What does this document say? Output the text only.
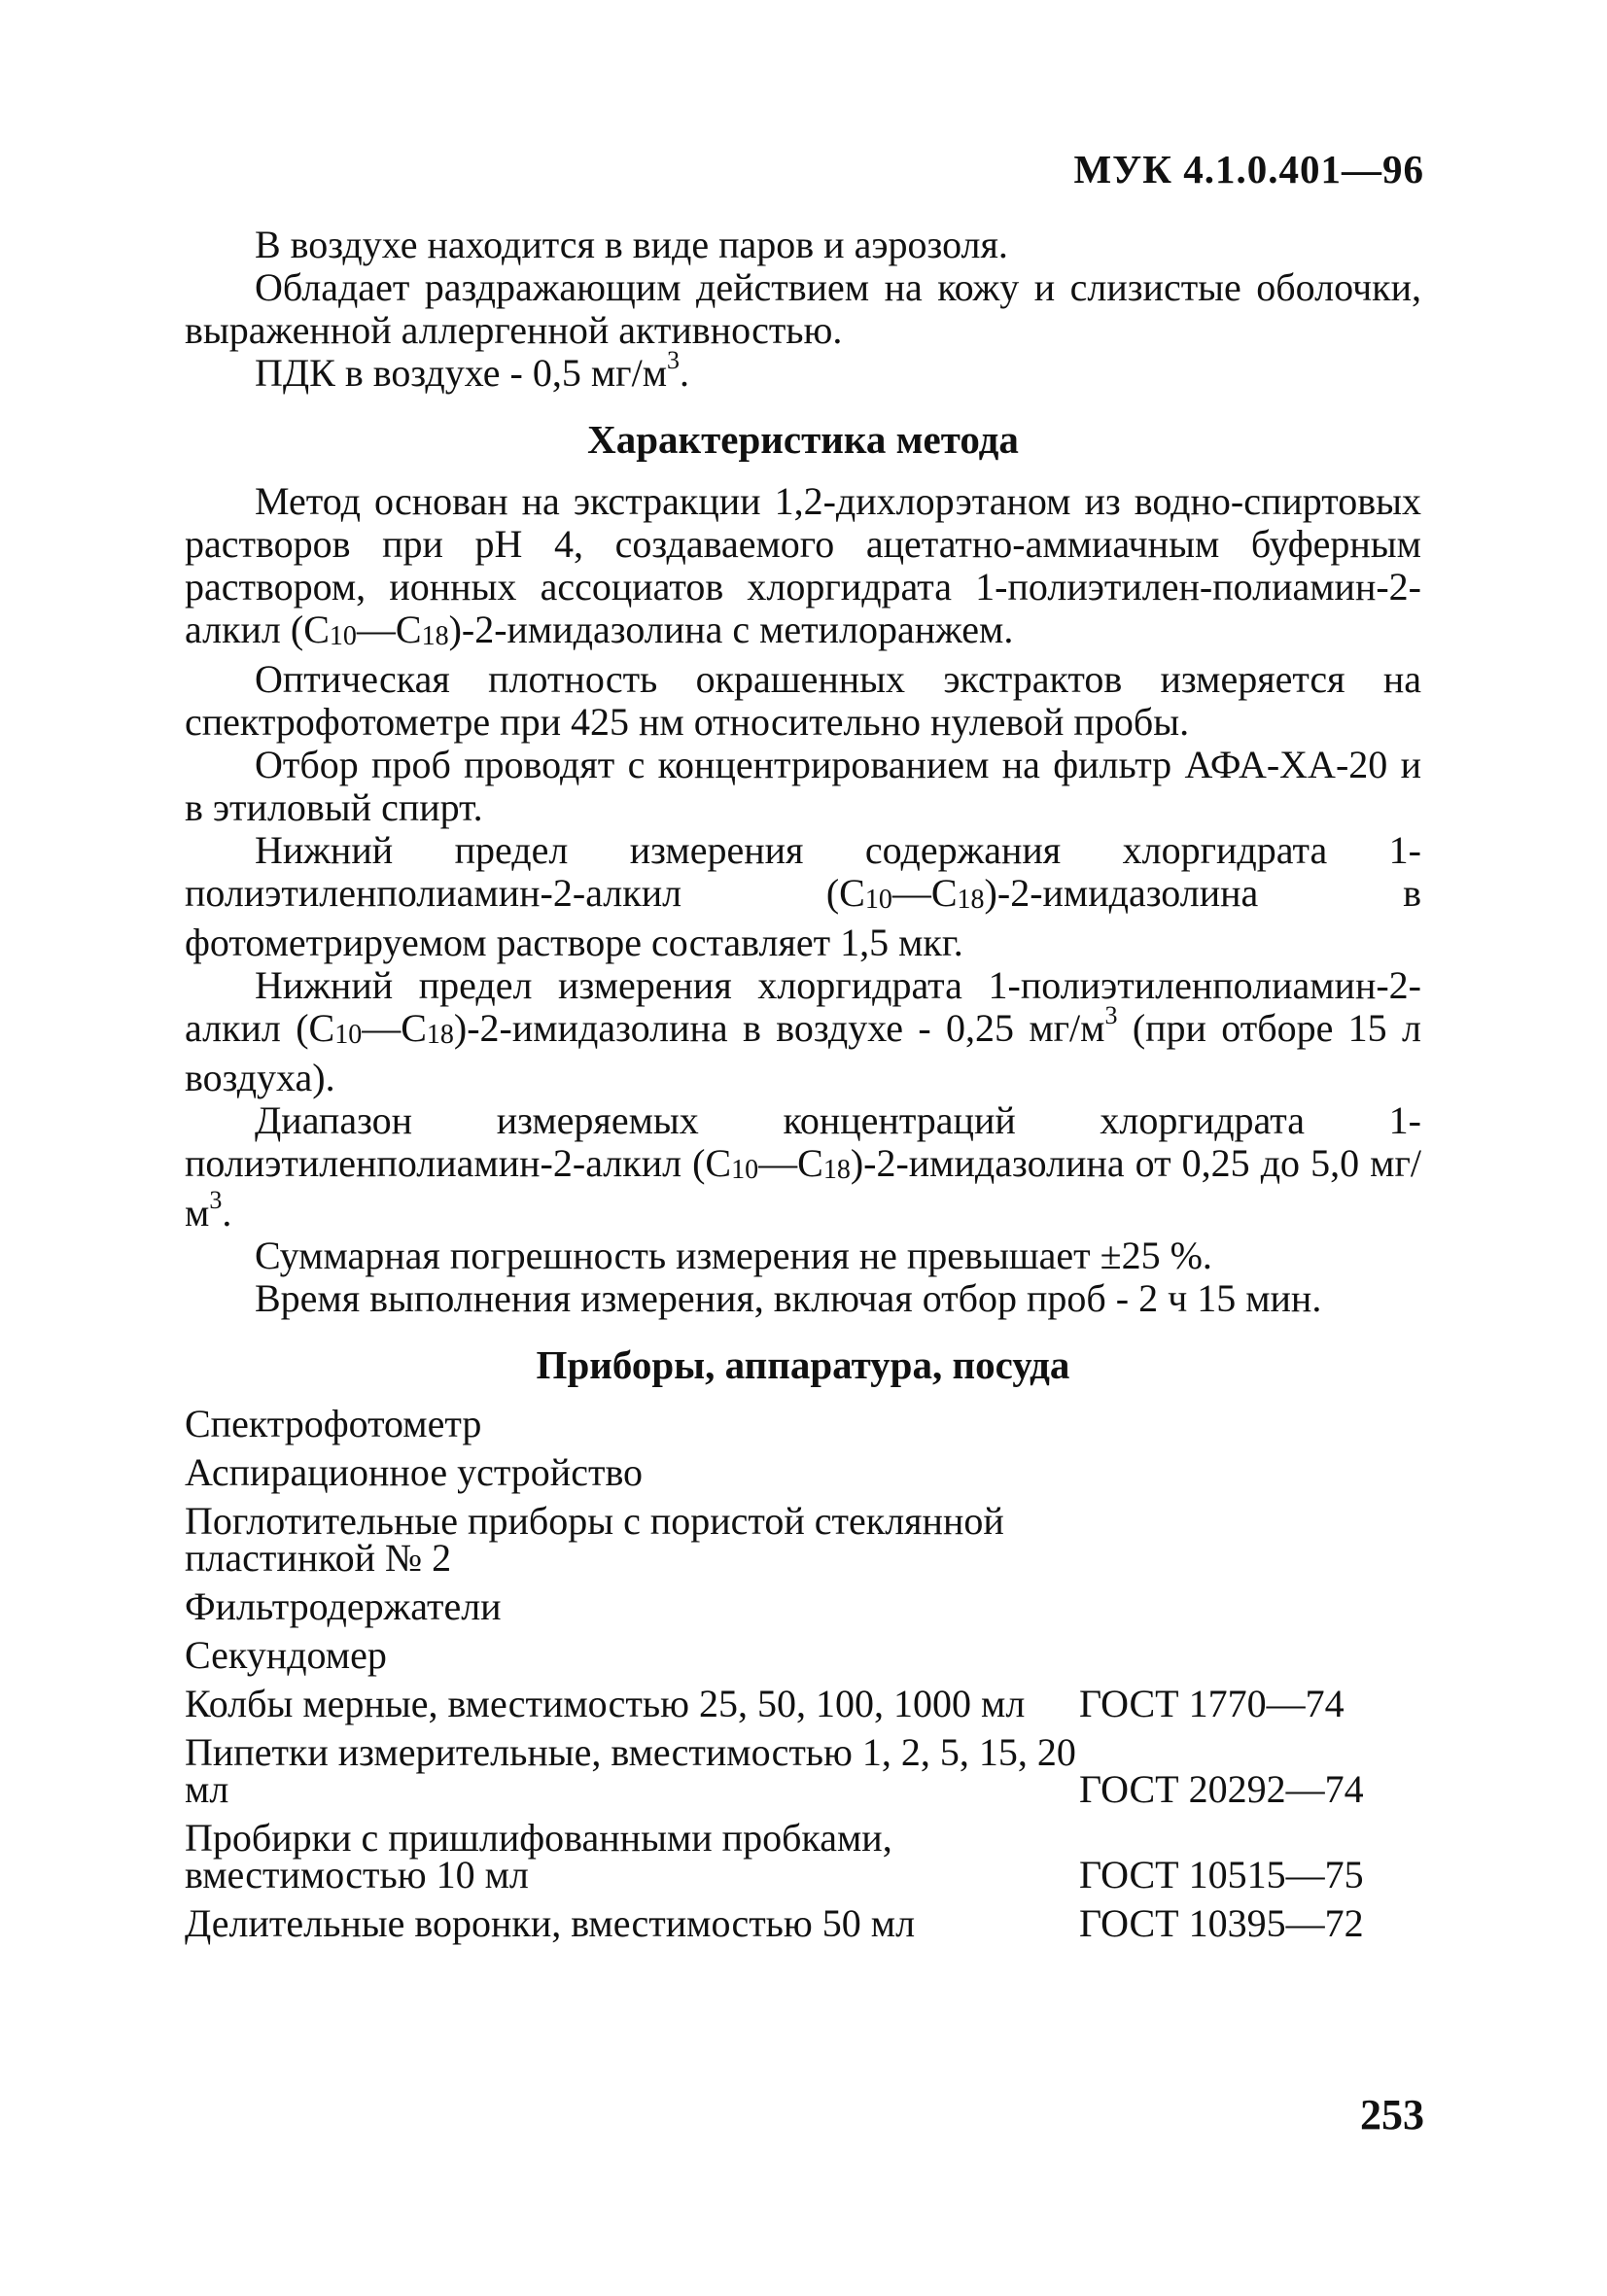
МУК 4.1.0.401—96

В воздухе находится в виде паров и аэрозоля.

Обладает раздражающим действием на кожу и слизистые оболочки, выраженной аллергенной активностью.

ПДК в воздухе - 0,5 $мг/м^3$.

Характеристика метода

Метод основан на экстракции 1,2-дихлорэтаном из водно-спиртовых растворов при рН 4, создаваемого ацетатно-аммиачным буферным раствором, ионных ассоциатов хлоргидрата 1-полиэтилен-полиамин-2-алкил $(C_{10}—C_{18})-2$-имидазолина с метилоранжем.

Оптическая плотность окрашенных экстрактов измеряется на спектрофотометре при 425 нм относительно нулевой пробы.

Отбор проб проводят с концентрированием на фильтр АФА-ХА-20 и в этиловый спирт.

Нижний предел измерения содержания хлоргидрата 1-полиэтиленполиамин-2-алкил $(C_{10}—C_{18})-2$-имидазолина в фотометрируемом растворе составляет 1,5 мкг.

Нижний предел измерения хлоргидрата 1-полиэтиленполиамин-2-алкил $(C_{10}—C_{18})-2$-имидазолина в воздухе - 0,25 $мг/м^3$ (при отборе 15 л воздуха).

Диапазон измеряемых концентраций хлоргидрата 1-полиэтиленполиамин-2-алкил $(C_{10}—C_{18})-2$-имидазолина от 0,25 до 5,0 $мг/м^3$.

Суммарная погрешность измерения не превышает ±25 %.

Время выполнения измерения, включая отбор проб - 2 ч 15 мин.

Приборы, аппаратура, посуда
Спектрофотометр
Аспирационное устройство
Поглотительные приборы с пористой стеклянной пластинкой № 2
Фильтродержатели
Секундомер
Колбы мерные, вместимостью 25, 50, 100, 1000 мл	ГОСТ 1770—74
Пипетки измерительные, вместимостью 1, 2, 5, 15, 20 мл	ГОСТ 20292—74
Пробирки с пришлифованными пробками, вместимостью 10 мл	ГОСТ 10515—75
Делительные воронки, вместимостью 50 мл	ГОСТ 10395—72
253
